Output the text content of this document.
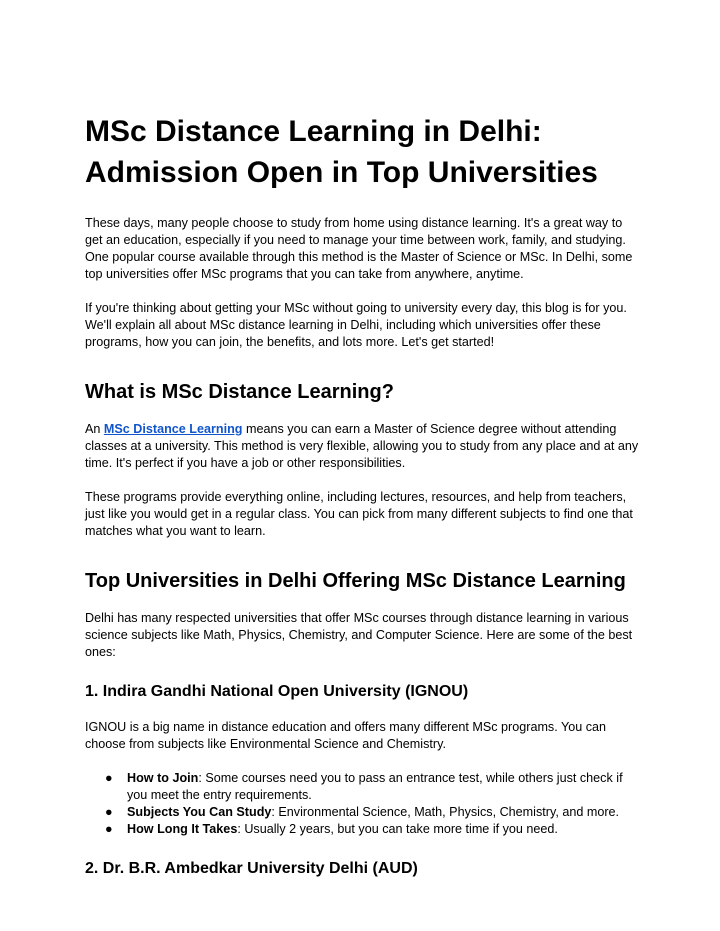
MSc Distance Learning in Delhi:
Admission Open in Top Universities

These days, many people choose to study from home using distance learning. It's a great way to get an education, especially if you need to manage your time between work, family, and studying. One popular course available through this method is the Master of Science or MSc. In Delhi, some top universities offer MSc programs that you can take from anywhere, anytime.

If you're thinking about getting your MSc without going to university every day, this blog is for you. We'll explain all about MSc distance learning in Delhi, including which universities offer these programs, how you can join, the benefits, and lots more. Let's get started!

What is MSc Distance Learning?

An MSc Distance Learning means you can earn a Master of Science degree without attending classes at a university. This method is very flexible, allowing you to study from any place and at any time. It's perfect if you have a job or other responsibilities.

These programs provide everything online, including lectures, resources, and help from teachers, just like you would get in a regular class. You can pick from many different subjects to find one that matches what you want to learn.

Top Universities in Delhi Offering MSc Distance Learning

Delhi has many respected universities that offer MSc courses through distance learning in various science subjects like Math, Physics, Chemistry, and Computer Science. Here are some of the best ones:

1. Indira Gandhi National Open University (IGNOU)

IGNOU is a big name in distance education and offers many different MSc programs. You can choose from subjects like Environmental Science and Chemistry.

● How to Join: Some courses need you to pass an entrance test, while others just check if you meet the entry requirements.
● Subjects You Can Study: Environmental Science, Math, Physics, Chemistry, and more.
● How Long It Takes: Usually 2 years, but you can take more time if you need.
2. Dr. B.R. Ambedkar University Delhi (AUD)
